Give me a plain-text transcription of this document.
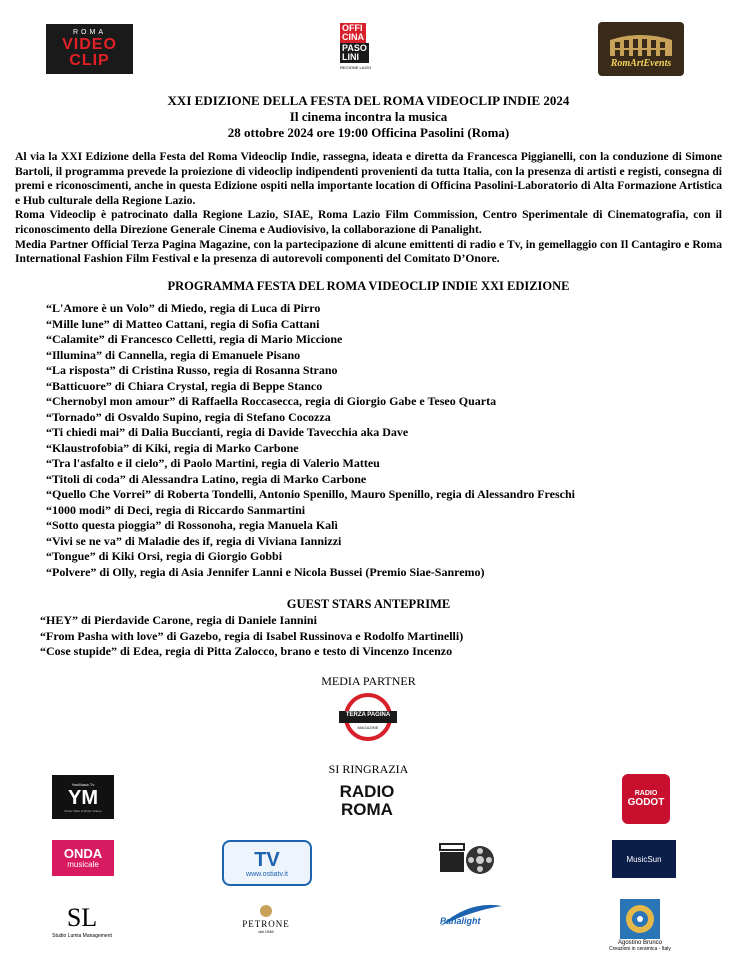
ROMA
VIDEO
CLIP
OFFI
CINA
PASO
LINI
REGIONE LAZIO	RomArtEvents
XXI EDIZIONE DELLA FESTA DEL ROMA VIDEOCLIP INDIE 2024
Il cinema incontra la musica
28 ottobre 2024 ore 19:00 Officina Pasolini (Roma)

Al via la XXI Edizione della Festa del Roma Videoclip Indie, rassegna, ideata e diretta da Francesca Piggianelli, con la conduzione di Simone Bartoli, il programma prevede la proiezione di videoclip indipendenti provenienti da tutta Italia, con la presenza di artisti e registi, consegna di premi e riconoscimenti, anche in questa Edizione ospiti nella importante location di Officina Pasolini-Laboratorio di Alta Formazione Artistica e Hub culturale della Regione Lazio.

Roma Videoclip è patrocinato dalla Regione Lazio, SIAE, Roma Lazio Film Commission, Centro Sperimentale di Cinematografia, con il riconoscimento della Direzione Generale Cinema e Audiovisivo, la collaborazione di Panalight.

Media Partner Official Terza Pagina Magazine, con la partecipazione di alcune emittenti di radio e Tv, in gemellaggio con Il Cantagiro e Roma International Fashion Film Festival e la presenza di autorevoli componenti del Comitato D’Onore.

PROGRAMMA FESTA DEL ROMA VIDEOCLIP INDIE XXI EDIZIONE
“L'Amore è un Volo” di Miedo, regia di Luca di Pirro
“Mille lune” di Matteo Cattani, regia di Sofia Cattani
“Calamite” di Francesco Celletti, regia di Mario Miccione
“Illumina” di Cannella, regia di Emanuele Pisano
“La risposta” di Cristina Russo, regia di Rosanna Strano
“Batticuore” di Chiara Crystal, regia di Beppe Stanco
“Chernobyl mon amour” di Raffaella Roccasecca, regia di Giorgio Gabe e Teseo Quarta
“Tornado” di Osvaldo Supino, regia di Stefano Cocozza
“Ti chiedi mai” di Dalia Buccianti, regia di Davide Tavecchia aka Dave
“Klaustrofobia” di Kiki, regia di Marko Carbone
“Tra l'asfalto e il cielo”, di Paolo Martini, regia di Valerio Matteu
“Titoli di coda” di Alessandra Latino, regia di Marko Carbone
“Quello Che Vorrei” di Roberta Tondelli, Antonio Spenillo, Mauro Spenillo, regia di Alessandro Freschi
“1000 modi” di Deci, regia di Riccardo Sanmartini
“Sotto questa pioggia” di Rossonoha, regia Manuela Kalì
“Vivi se ne va” di Maladie des if, regia di Viviana Iannizzi
“Tongue” di Kiki Orsi, regia di Giorgio Gobbi
“Polvere” di Olly, regia di Asia Jennifer Lanni e Nicola Bussei (Premio Siae-Sanremo)
GUEST STARS ANTEPRIME
“HEY” di Pierdavide Carone, regia di Daniele Iannini
“From Pasha with love” di Gazebo, regia di Isabel Russinova e Rodolfo Martinelli)
“Cose stupide” di Edea, regia di Pitta Zalocco, brano e testo di Vincenzo Incenzo
MEDIA PARTNER
TERZA PAGINA
MAGAZINE
SI RINGRAZIA
YouMusic.Tv
YM
Music Talks & Music Videos
RADIO
ROMA
RADIO
GODOT
ONDA
musicale	TV
www.ostiatv.it
MusicSun
SL
Studio Lumia Management
PETRONE
dal 1946
Panalight
Agostino Brunco
Creazioni in ceramica - Italy
